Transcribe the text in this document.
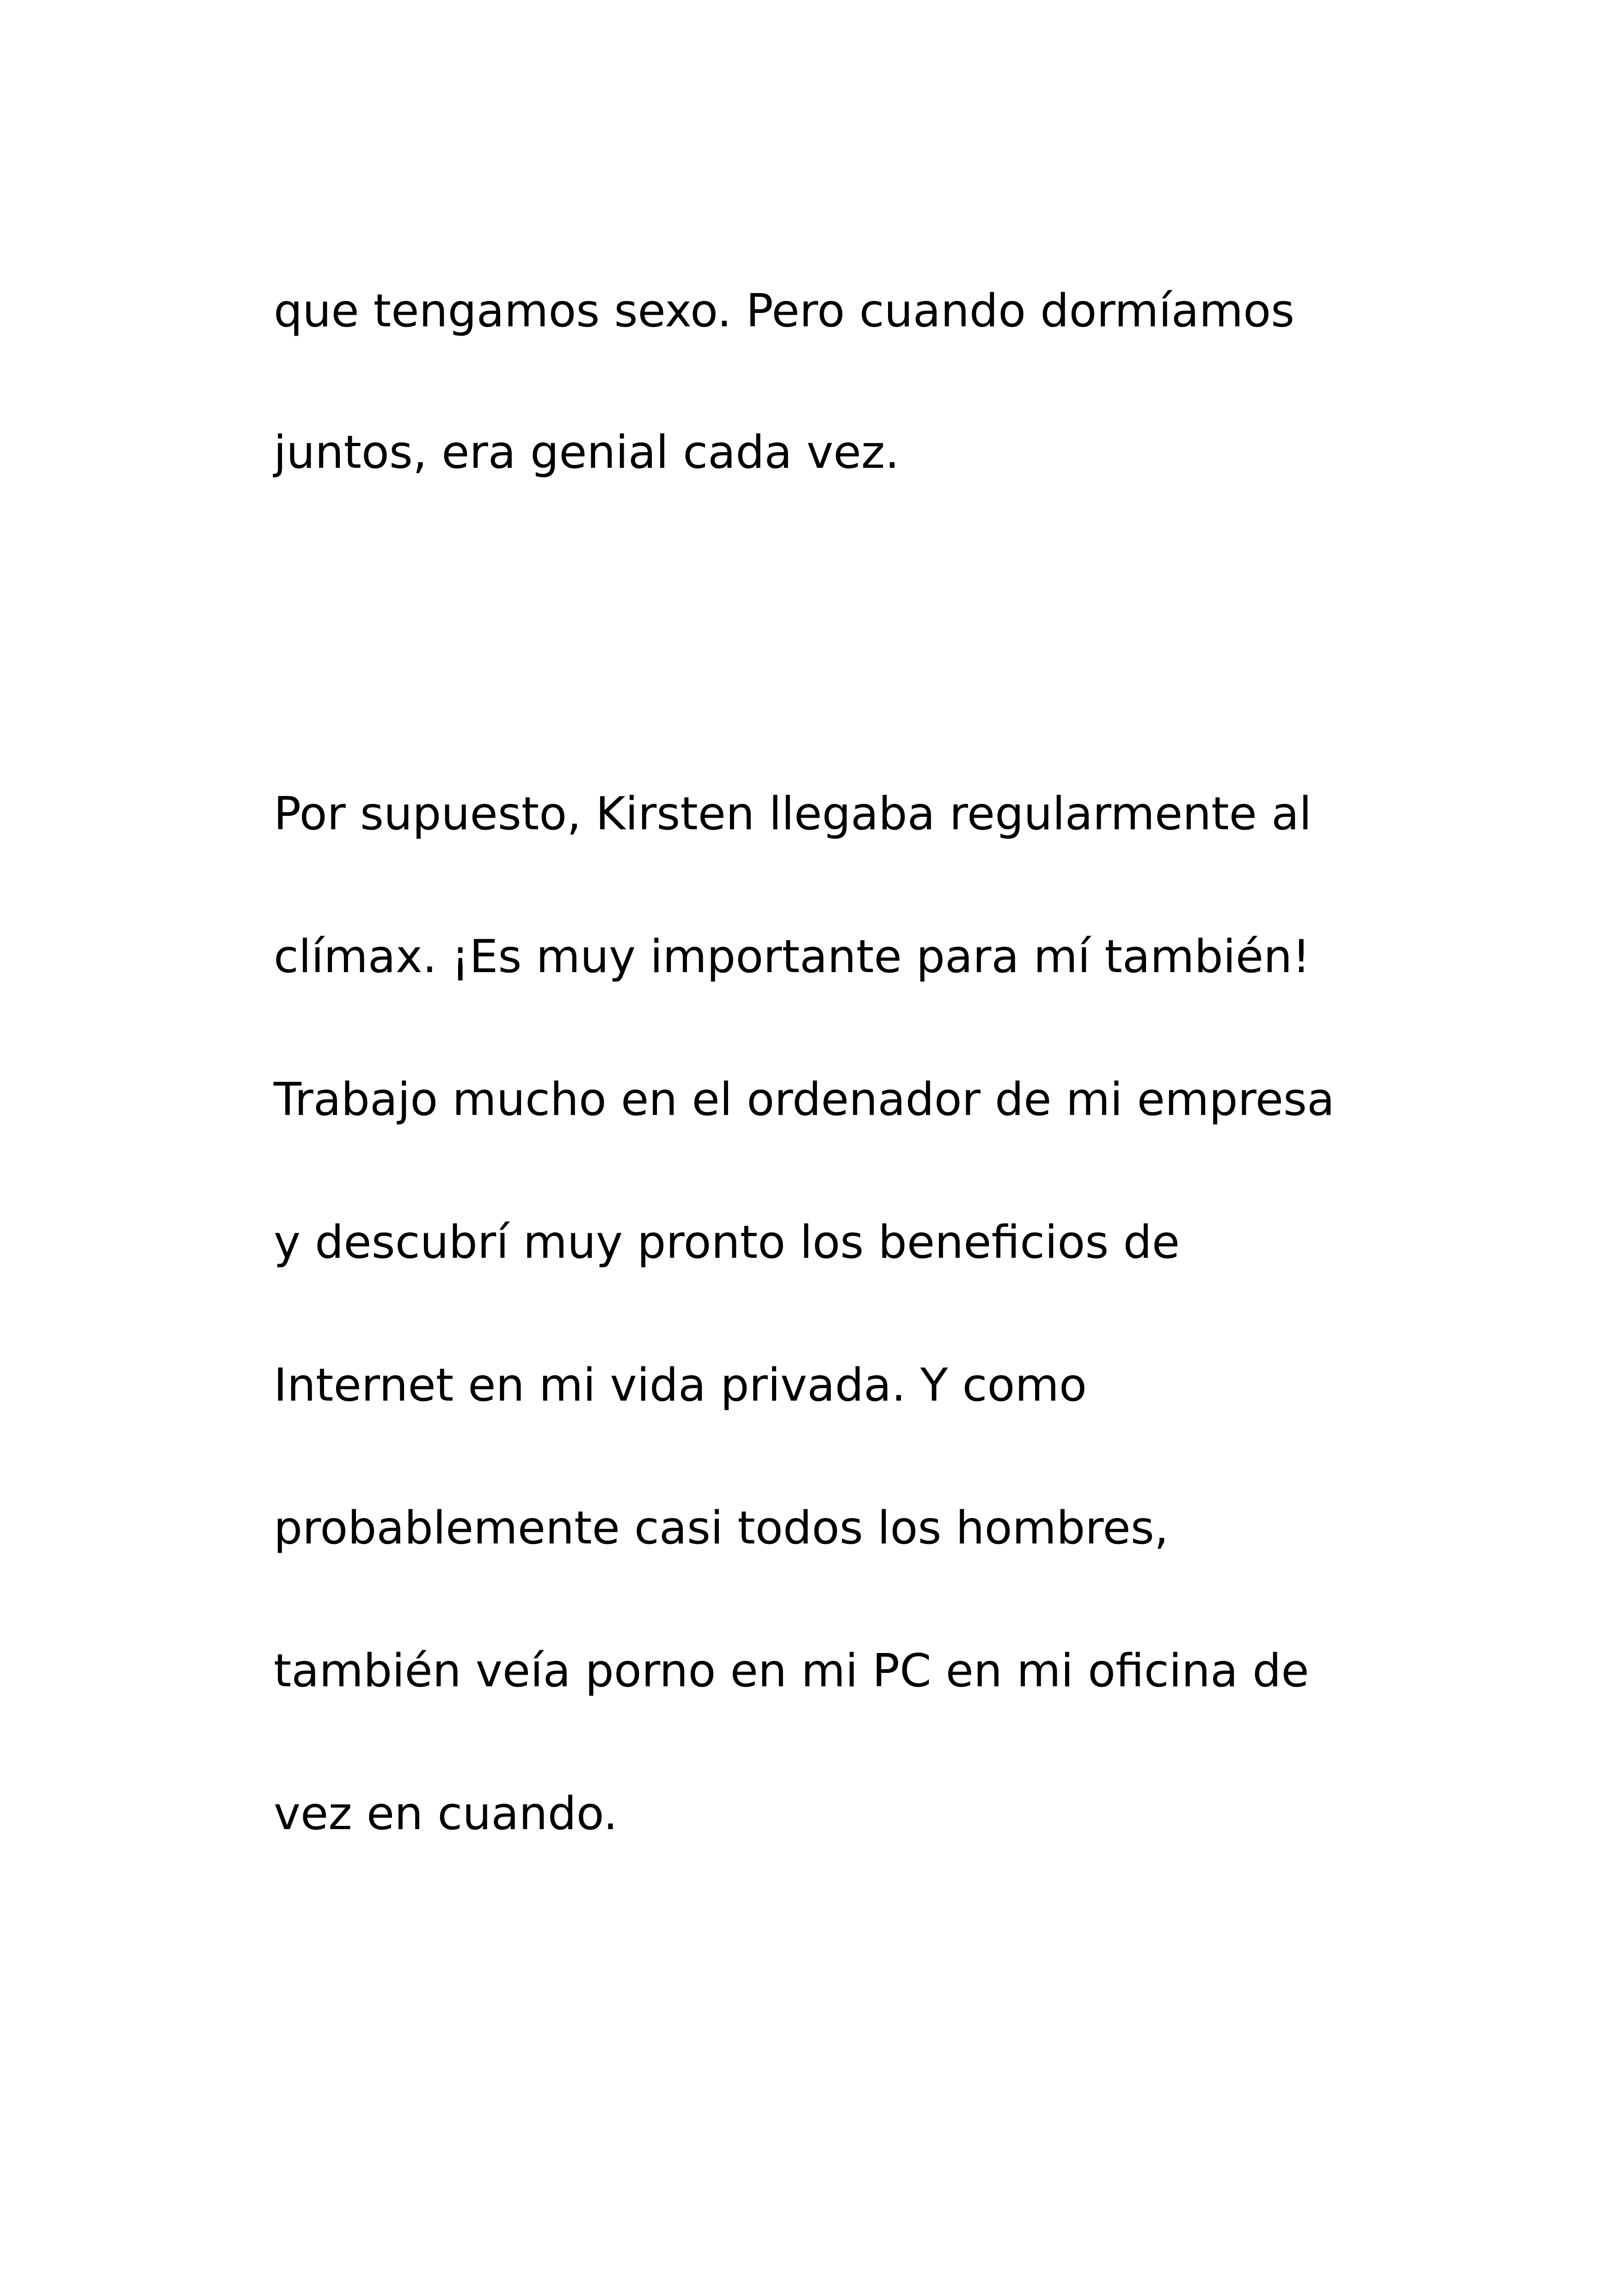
que tengamos sexo. Pero cuando dormíamos
juntos, era genial cada vez.
Por supuesto, Kirsten llegaba regularmente al
clímax. ¡Es muy importante para mí también!
Trabajo mucho en el ordenador de mi empresa
y descubrí muy pronto los beneficios de
Internet en mi vida privada. Y como
probablemente casi todos los hombres,
también veía porno en mi PC en mi oficina de
vez en cuando.
